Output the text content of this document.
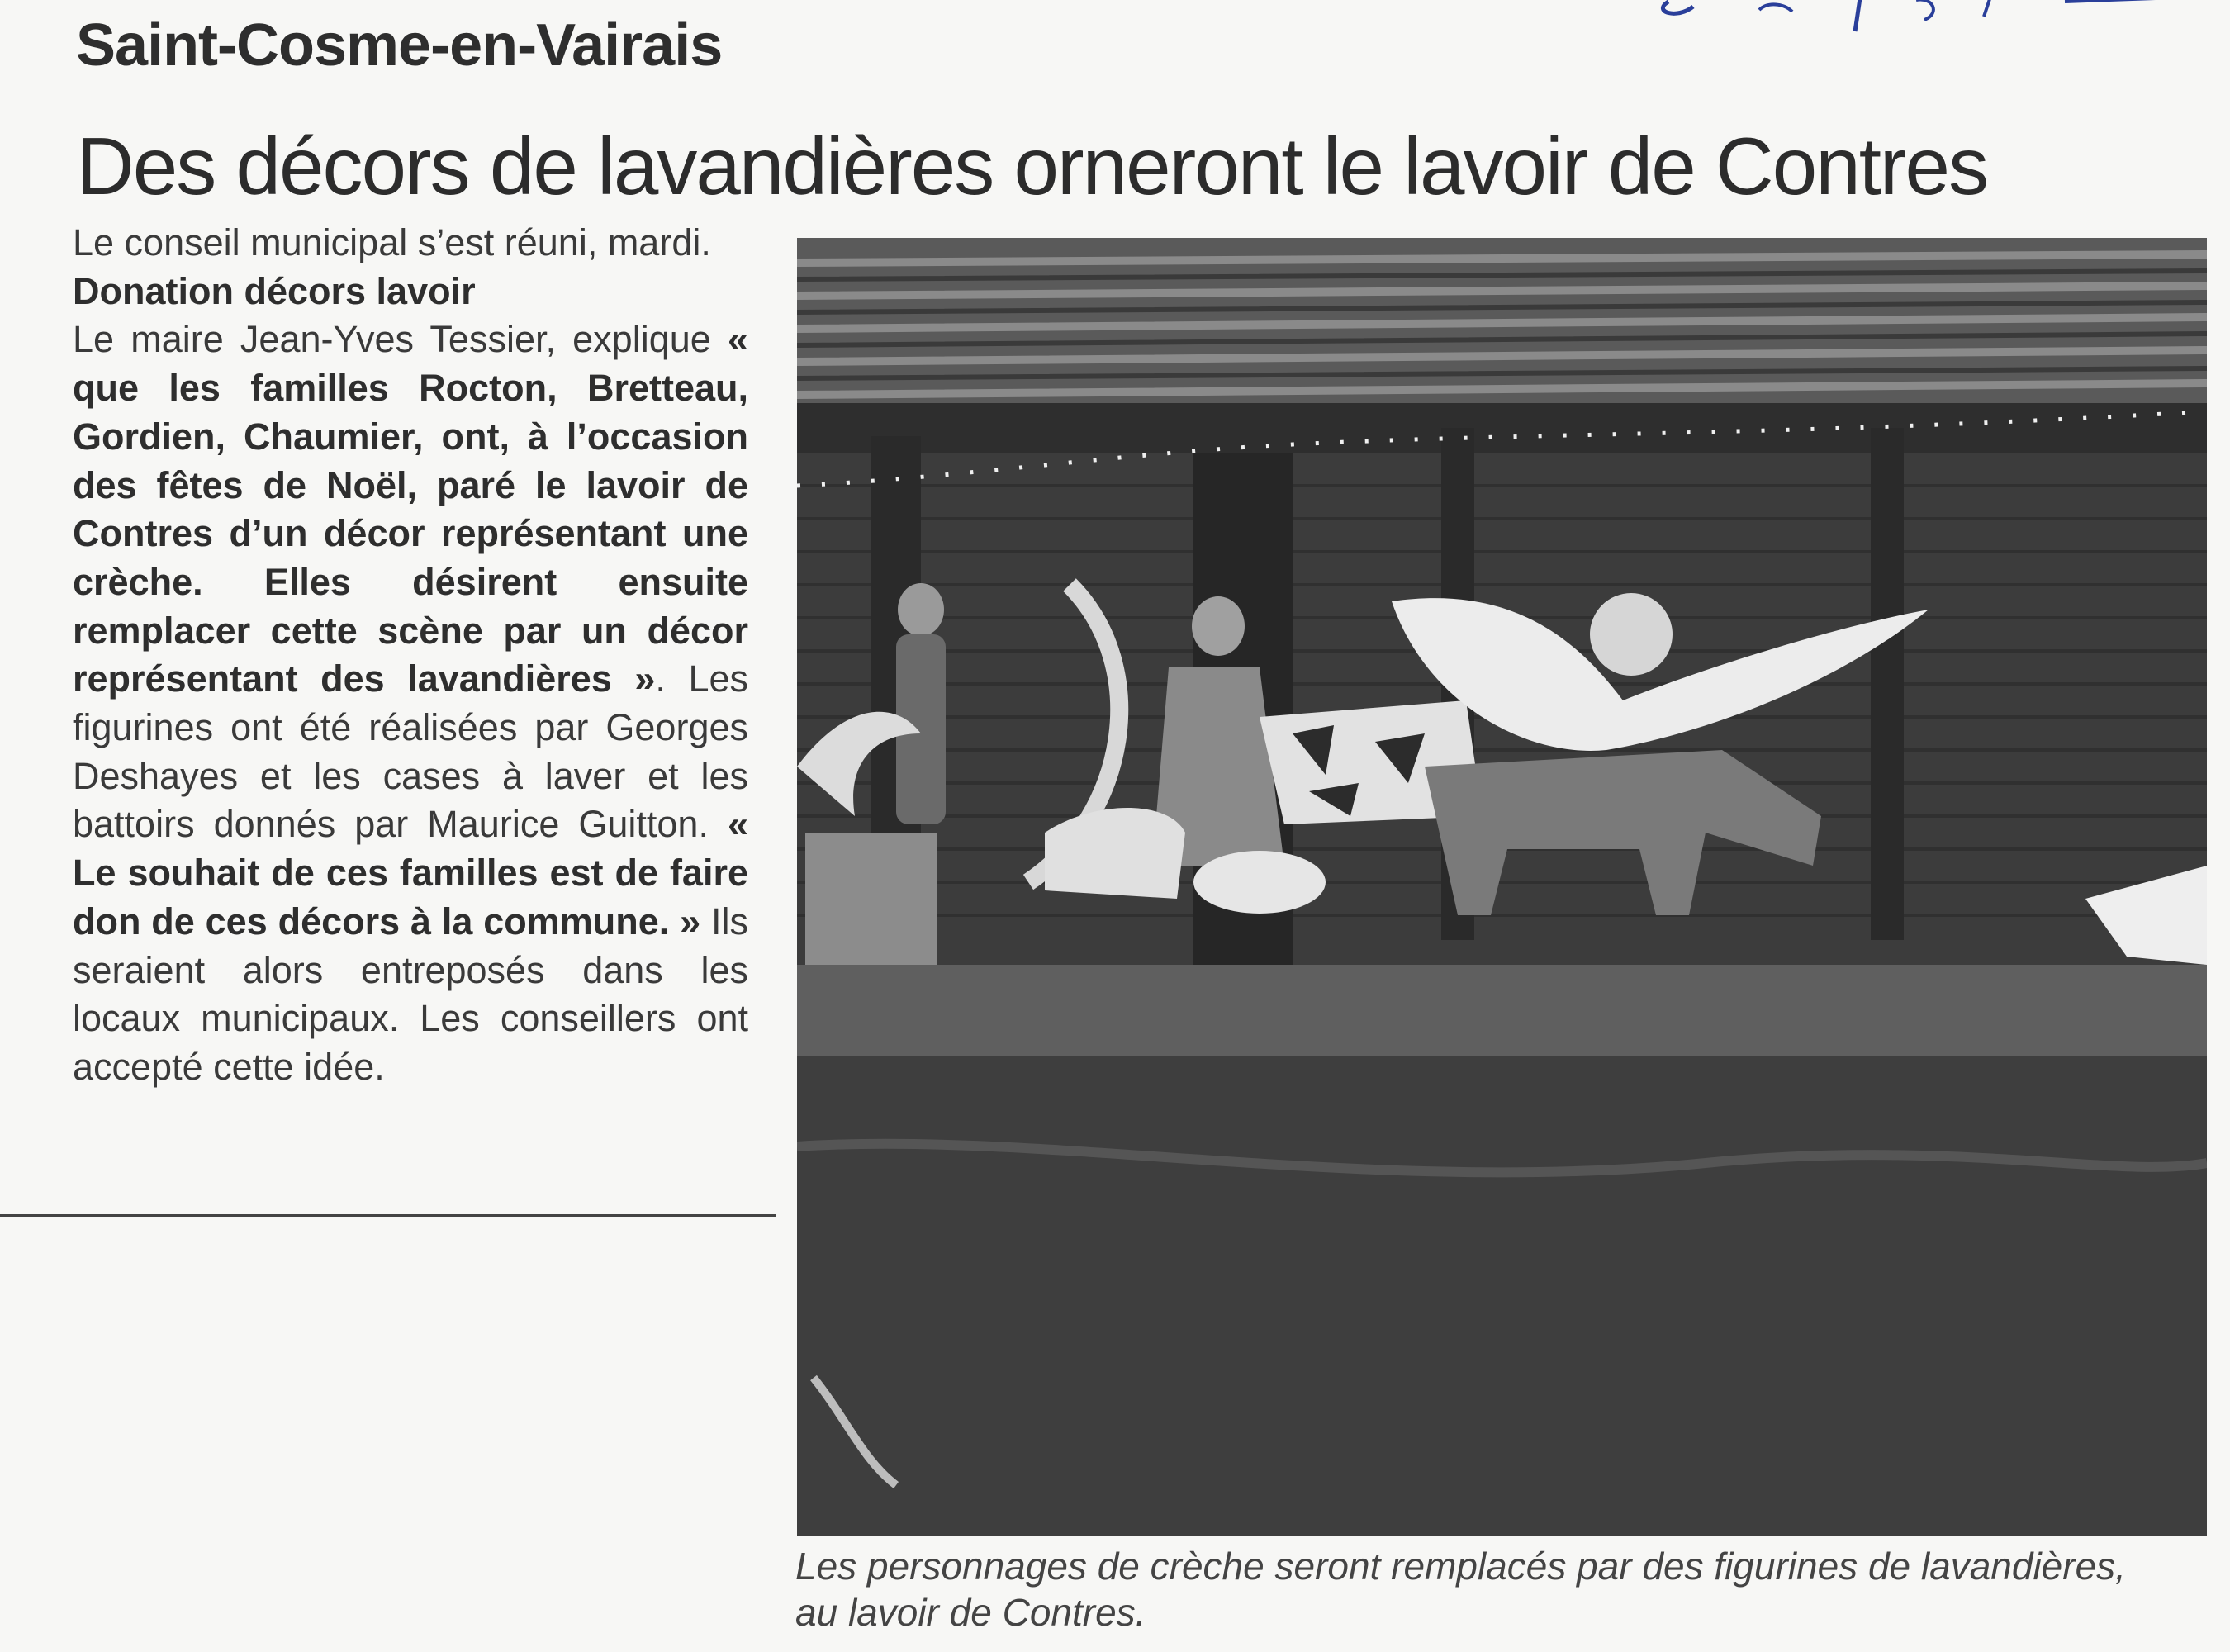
Saint-Cosme-en-Vairais
Des décors de lavandières orneront le lavoir de Contres

Le conseil municipal s’est réuni, mardi.

Donation décors lavoir

Le maire Jean-Yves Tessier, explique « que les familles Rocton, Bretteau, Gordien, Chaumier, ont, à l’occasion des fêtes de Noël, paré le lavoir de Contres d’un décor représentant une crèche. Elles désirent ensuite remplacer cette scène par un décor représentant des lavandières ». Les figurines ont été réalisées par Georges Deshayes et les cases à laver et les battoirs donnés par Maurice Guitton. « Le souhait de ces familles est de faire don de ces décors à la commune. » Ils seraient alors entreposés dans les locaux municipaux. Les conseillers ont accepté cette idée.

Les personnages de crèche seront remplacés par des figurines de lavandières,
au lavoir de Contres.
